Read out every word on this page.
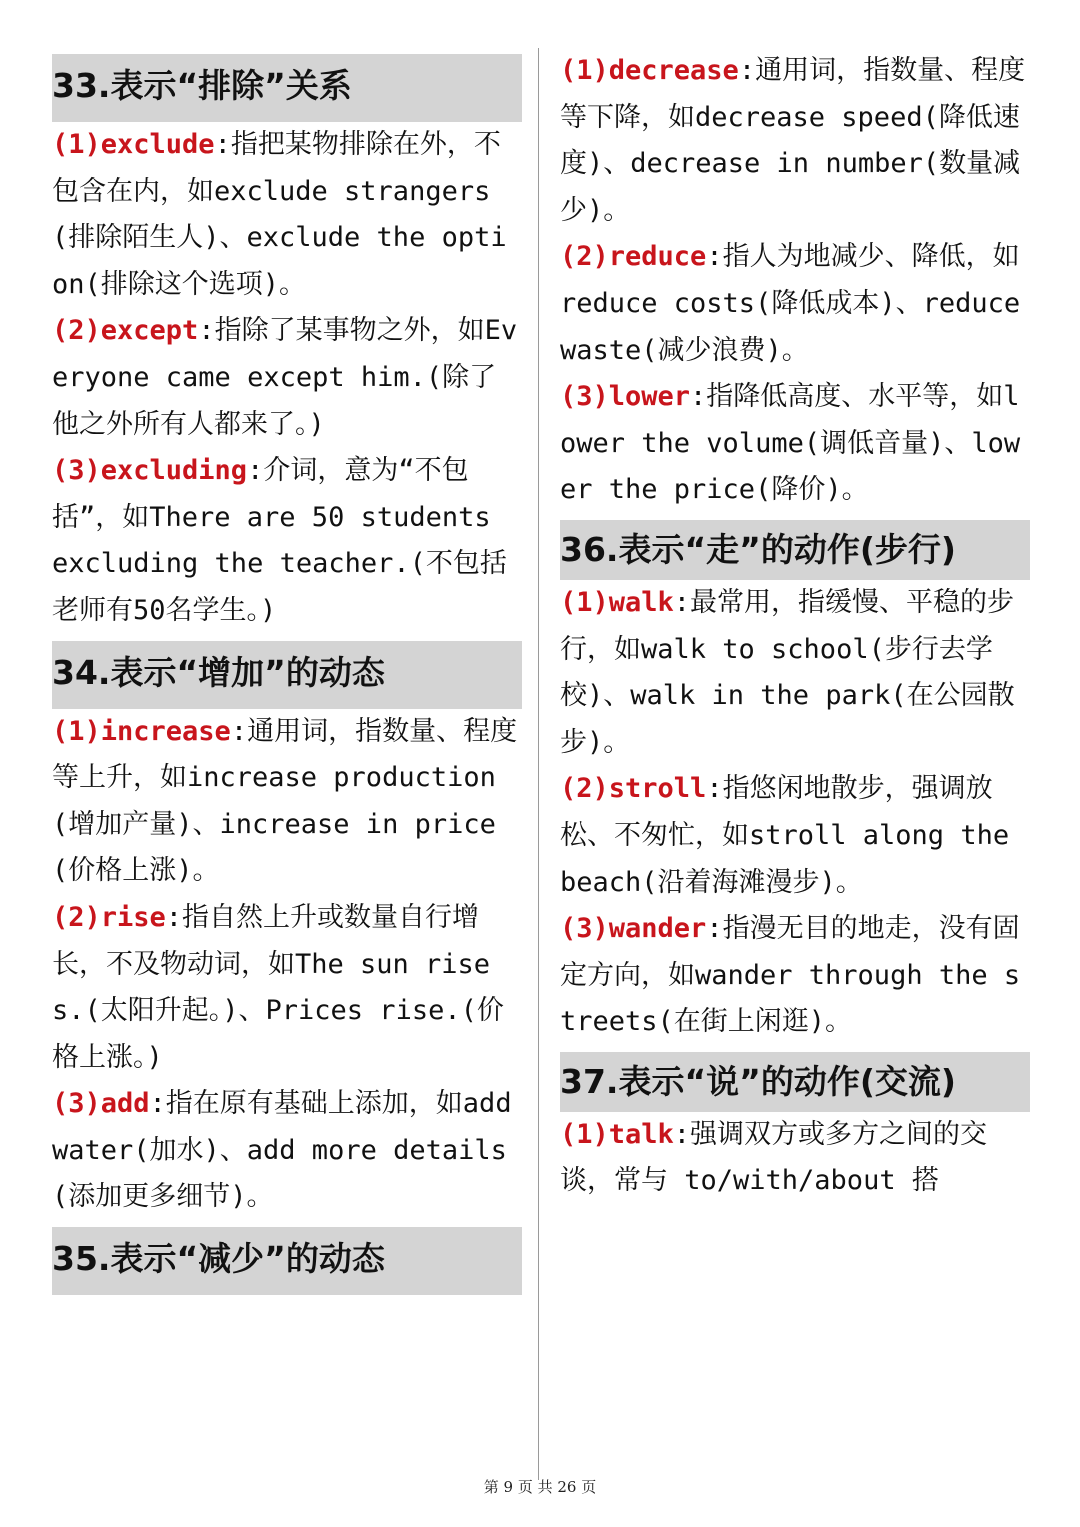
33.表示“排除”关系

(1)exclude:指把某物排除在外，不包含在内，如exclude strangers(排除陌生人)、exclude the option(排除这个选项)。

(2)except:指除了某事物之外，如Everyone came except him.(除了他之外所有人都来了。)

(3)excluding:介词，意为“不包括”，如There are 50 students excluding the teacher.(不包括老师有50名学生。)

34.表示“增加”的动态

(1)increase:通用词，指数量、程度等上升，如increase production(增加产量)、increase in price(价格上涨)。

(2)rise:指自然上升或数量自行增长，不及物动词，如The sun rises.(太阳升起。)、Prices rise.(价格上涨。)

(3)add:指在原有基础上添加，如add water(加水)、add more details(添加更多细节)。

35.表示“减少”的动态

(1)decrease:通用词，指数量、程度等下降，如decrease speed(降低速度)、decrease in number(数量减少)。

(2)reduce:指人为地减少、降低，如reduce costs(降低成本)、reduce waste(减少浪费)。

(3)lower:指降低高度、水平等，如lower the volume(调低音量)、lower the price(降价)。

36.表示“走”的动作(步行)

(1)walk:最常用，指缓慢、平稳的步行，如walk to school(步行去学校)、walk in the park(在公园散步)。

(2)stroll:指悠闲地散步，强调放松、不匆忙，如stroll along the beach(沿着海滩漫步)。

(3)wander:指漫无目的地走，没有固定方向，如wander through the streets(在街上闲逛)。

37.表示“说”的动作(交流)

(1)talk:强调双方或多方之间的交谈，常与 to/with/about 搭

第 9 页 共 26 页
